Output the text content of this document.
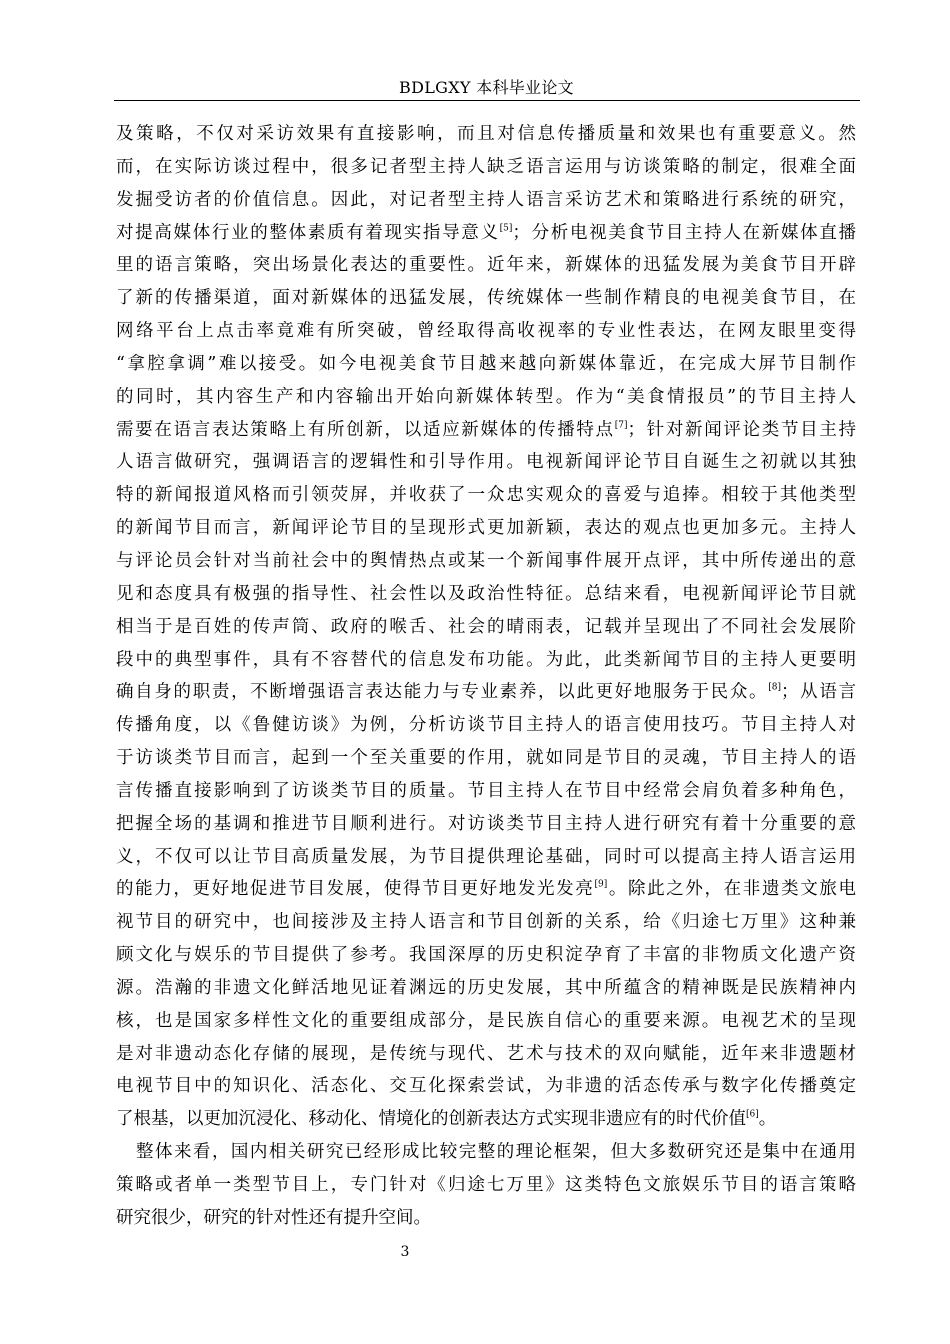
BDLGXY 本科毕业论文
及策略，不仅对采访效果有直接影响，而且对信息传播质量和效果也有重要意义。然
而，在实际访谈过程中，很多记者型主持人缺乏语言运用与访谈策略的制定，很难全面
发掘受访者的价值信息。因此，对记者型主持人语言采访艺术和策略进行系统的研究，
对提高媒体行业的整体素质有着现实指导意义[5]；分析电视美食节目主持人在新媒体直播
里的语言策略，突出场景化表达的重要性。近年来，新媒体的迅猛发展为美食节目开辟
了新的传播渠道，面对新媒体的迅猛发展，传统媒体一些制作精良的电视美食节目，在
网络平台上点击率竟难有所突破，曾经取得高收视率的专业性表达，在网友眼里变得
“拿腔拿调”难以接受。如今电视美食节目越来越向新媒体靠近，在完成大屏节目制作
的同时，其内容生产和内容输出开始向新媒体转型。作为“美食情报员”的节目主持人
需要在语言表达策略上有所创新，以适应新媒体的传播特点[7]；针对新闻评论类节目主持
人语言做研究，强调语言的逻辑性和引导作用。电视新闻评论节目自诞生之初就以其独
特的新闻报道风格而引领荧屏，并收获了一众忠实观众的喜爱与追捧。相较于其他类型
的新闻节目而言，新闻评论节目的呈现形式更加新颖，表达的观点也更加多元。主持人
与评论员会针对当前社会中的舆情热点或某一个新闻事件展开点评，其中所传递出的意
见和态度具有极强的指导性、社会性以及政治性特征。总结来看，电视新闻评论节目就
相当于是百姓的传声筒、政府的喉舌、社会的晴雨表，记载并呈现出了不同社会发展阶
段中的典型事件，具有不容替代的信息发布功能。为此，此类新闻节目的主持人更要明
确自身的职责，不断增强语言表达能力与专业素养，以此更好地服务于民众。[8]；从语言
传播角度，以《鲁健访谈》为例，分析访谈节目主持人的语言使用技巧。节目主持人对
于访谈类节目而言，起到一个至关重要的作用，就如同是节目的灵魂，节目主持人的语
言传播直接影响到了访谈类节目的质量。节目主持人在节目中经常会肩负着多种角色，
把握全场的基调和推进节目顺利进行。对访谈类节目主持人进行研究有着十分重要的意
义，不仅可以让节目高质量发展，为节目提供理论基础，同时可以提高主持人语言运用
的能力，更好地促进节目发展，使得节目更好地发光发亮[9]。除此之外，在非遗类文旅电
视节目的研究中，也间接涉及主持人语言和节目创新的关系，给《归途七万里》这种兼
顾文化与娱乐的节目提供了参考。我国深厚的历史积淀孕育了丰富的非物质文化遗产资
源。浩瀚的非遗文化鲜活地见证着渊远的历史发展，其中所蕴含的精神既是民族精神内
核，也是国家多样性文化的重要组成部分，是民族自信心的重要来源。电视艺术的呈现
是对非遗动态化存储的展现，是传统与现代、艺术与技术的双向赋能，近年来非遗题材
电视节目中的知识化、活态化、交互化探索尝试，为非遗的活态传承与数字化传播奠定
了根基，以更加沉浸化、移动化、情境化的创新表达方式实现非遗应有的时代价值[6]。
整体来看，国内相关研究已经形成比较完整的理论框架，但大多数研究还是集中在通用
策略或者单一类型节目上，专门针对《归途七万里》这类特色文旅娱乐节目的语言策略
研究很少，研究的针对性还有提升空间。
3
